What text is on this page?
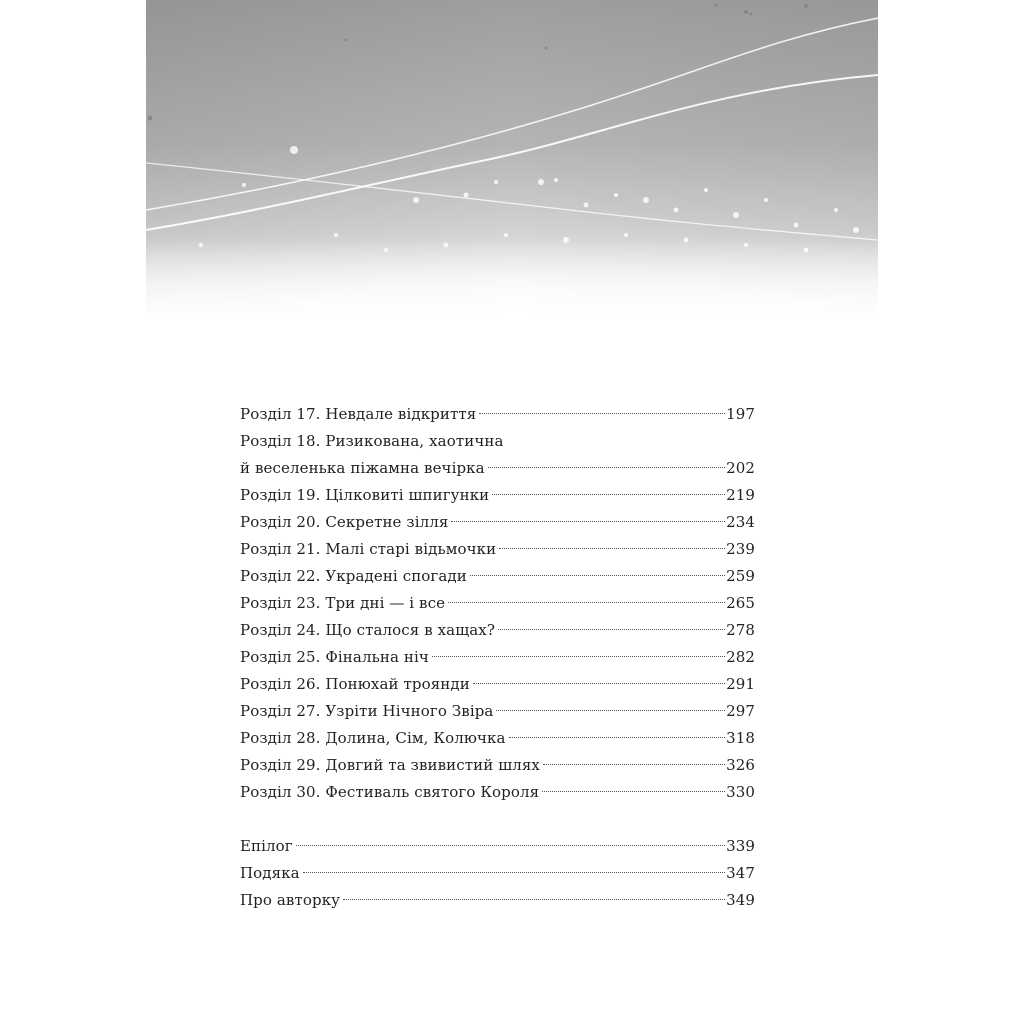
Розділ 17. Невдале відкриття	197
Розділ 18. Ризикована, хаотична
й веселенька піжамна вечірка	202
Розділ 19. Цілковиті шпигунки	219
Розділ 20. Секретне зілля	234
Розділ 21. Малі старі відьмочки	239
Розділ 22. Украдені спогади	259
Розділ 23. Три дні — і все	265
Розділ 24. Що сталося в хащах?	278
Розділ 25. Фінальна ніч	282
Розділ 26. Понюхай троянди	291
Розділ 27. Узріти Нічного Звіра	297
Розділ 28. Долина, Сім, Колючка	318
Розділ 29. Довгий та звивистий шлях	326
Розділ 30. Фестиваль святого Короля	330
Епілог	339
Подяка	347
Про авторку	349
